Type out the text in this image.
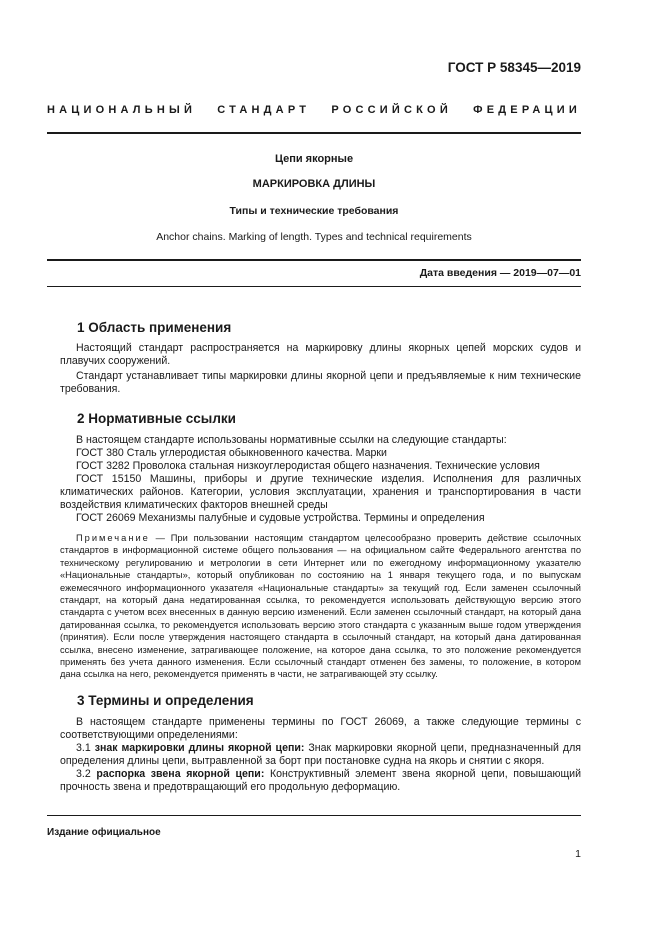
ГОСТ Р 58345—2019
НАЦИОНАЛЬНЫЙ СТАНДАРТ РОССИЙСКОЙ ФЕДЕРАЦИИ
Цепи якорные
МАРКИРОВКА ДЛИНЫ
Типы и технические требования
Anchor chains. Marking of length. Types and technical requirements
Дата введения — 2019—07—01
1 Область применения

Настоящий стандарт распространяется на маркировку длины якорных цепей морских судов и плавучих сооружений.

Стандарт устанавливает типы маркировки длины якорной цепи и предъявляемые к ним технические требования.

2 Нормативные ссылки

В настоящем стандарте использованы нормативные ссылки на следующие стандарты:

ГОСТ 380 Сталь углеродистая обыкновенного качества. Марки

ГОСТ 3282 Проволока стальная низкоуглеродистая общего назначения. Технические условия

ГОСТ 15150 Машины, приборы и другие технические изделия. Исполнения для различных климатических районов. Категории, условия эксплуатации, хранения и транспортирования в части воздействия климатических факторов внешней среды

ГОСТ 26069 Механизмы палубные и судовые устройства. Термины и определения

Примечание — При пользовании настоящим стандартом целесообразно проверить действие ссылочных стандартов в информационной системе общего пользования — на официальном сайте Федерального агентства по техническому регулированию и метрологии в сети Интернет или по ежегодному информационному указателю «Национальные стандарты», который опубликован по состоянию на 1 января текущего года, и по выпускам ежемесячного информационного указателя «Национальные стандарты» за текущий год. Если заменен ссылочный стандарт, на который дана недатированная ссылка, то рекомендуется использовать действующую версию этого стандарта с учетом всех внесенных в данную версию изменений. Если заменен ссылочный стандарт, на который дана датированная ссылка, то рекомендуется использовать версию этого стандарта с указанным выше годом утверждения (принятия). Если после утверждения настоящего стандарта в ссылочный стандарт, на который дана датированная ссылка, внесено изменение, затрагивающее положение, на которое дана ссылка, то это положение рекомендуется применять без учета данного изменения. Если ссылочный стандарт отменен без замены, то положение, в котором дана ссылка на него, рекомендуется применять в части, не затрагивающей эту ссылку.

3 Термины и определения

В настоящем стандарте применены термины по ГОСТ 26069, а также следующие термины с соответствующими определениями:

3.1 знак маркировки длины якорной цепи: Знак маркировки якорной цепи, предназначенный для определения длины цепи, вытравленной за борт при постановке судна на якорь и снятии с якоря.

3.2 распорка звена якорной цепи: Конструктивный элемент звена якорной цепи, повышающий прочность звена и предотвращающий его продольную деформацию.

Издание официальное
1
